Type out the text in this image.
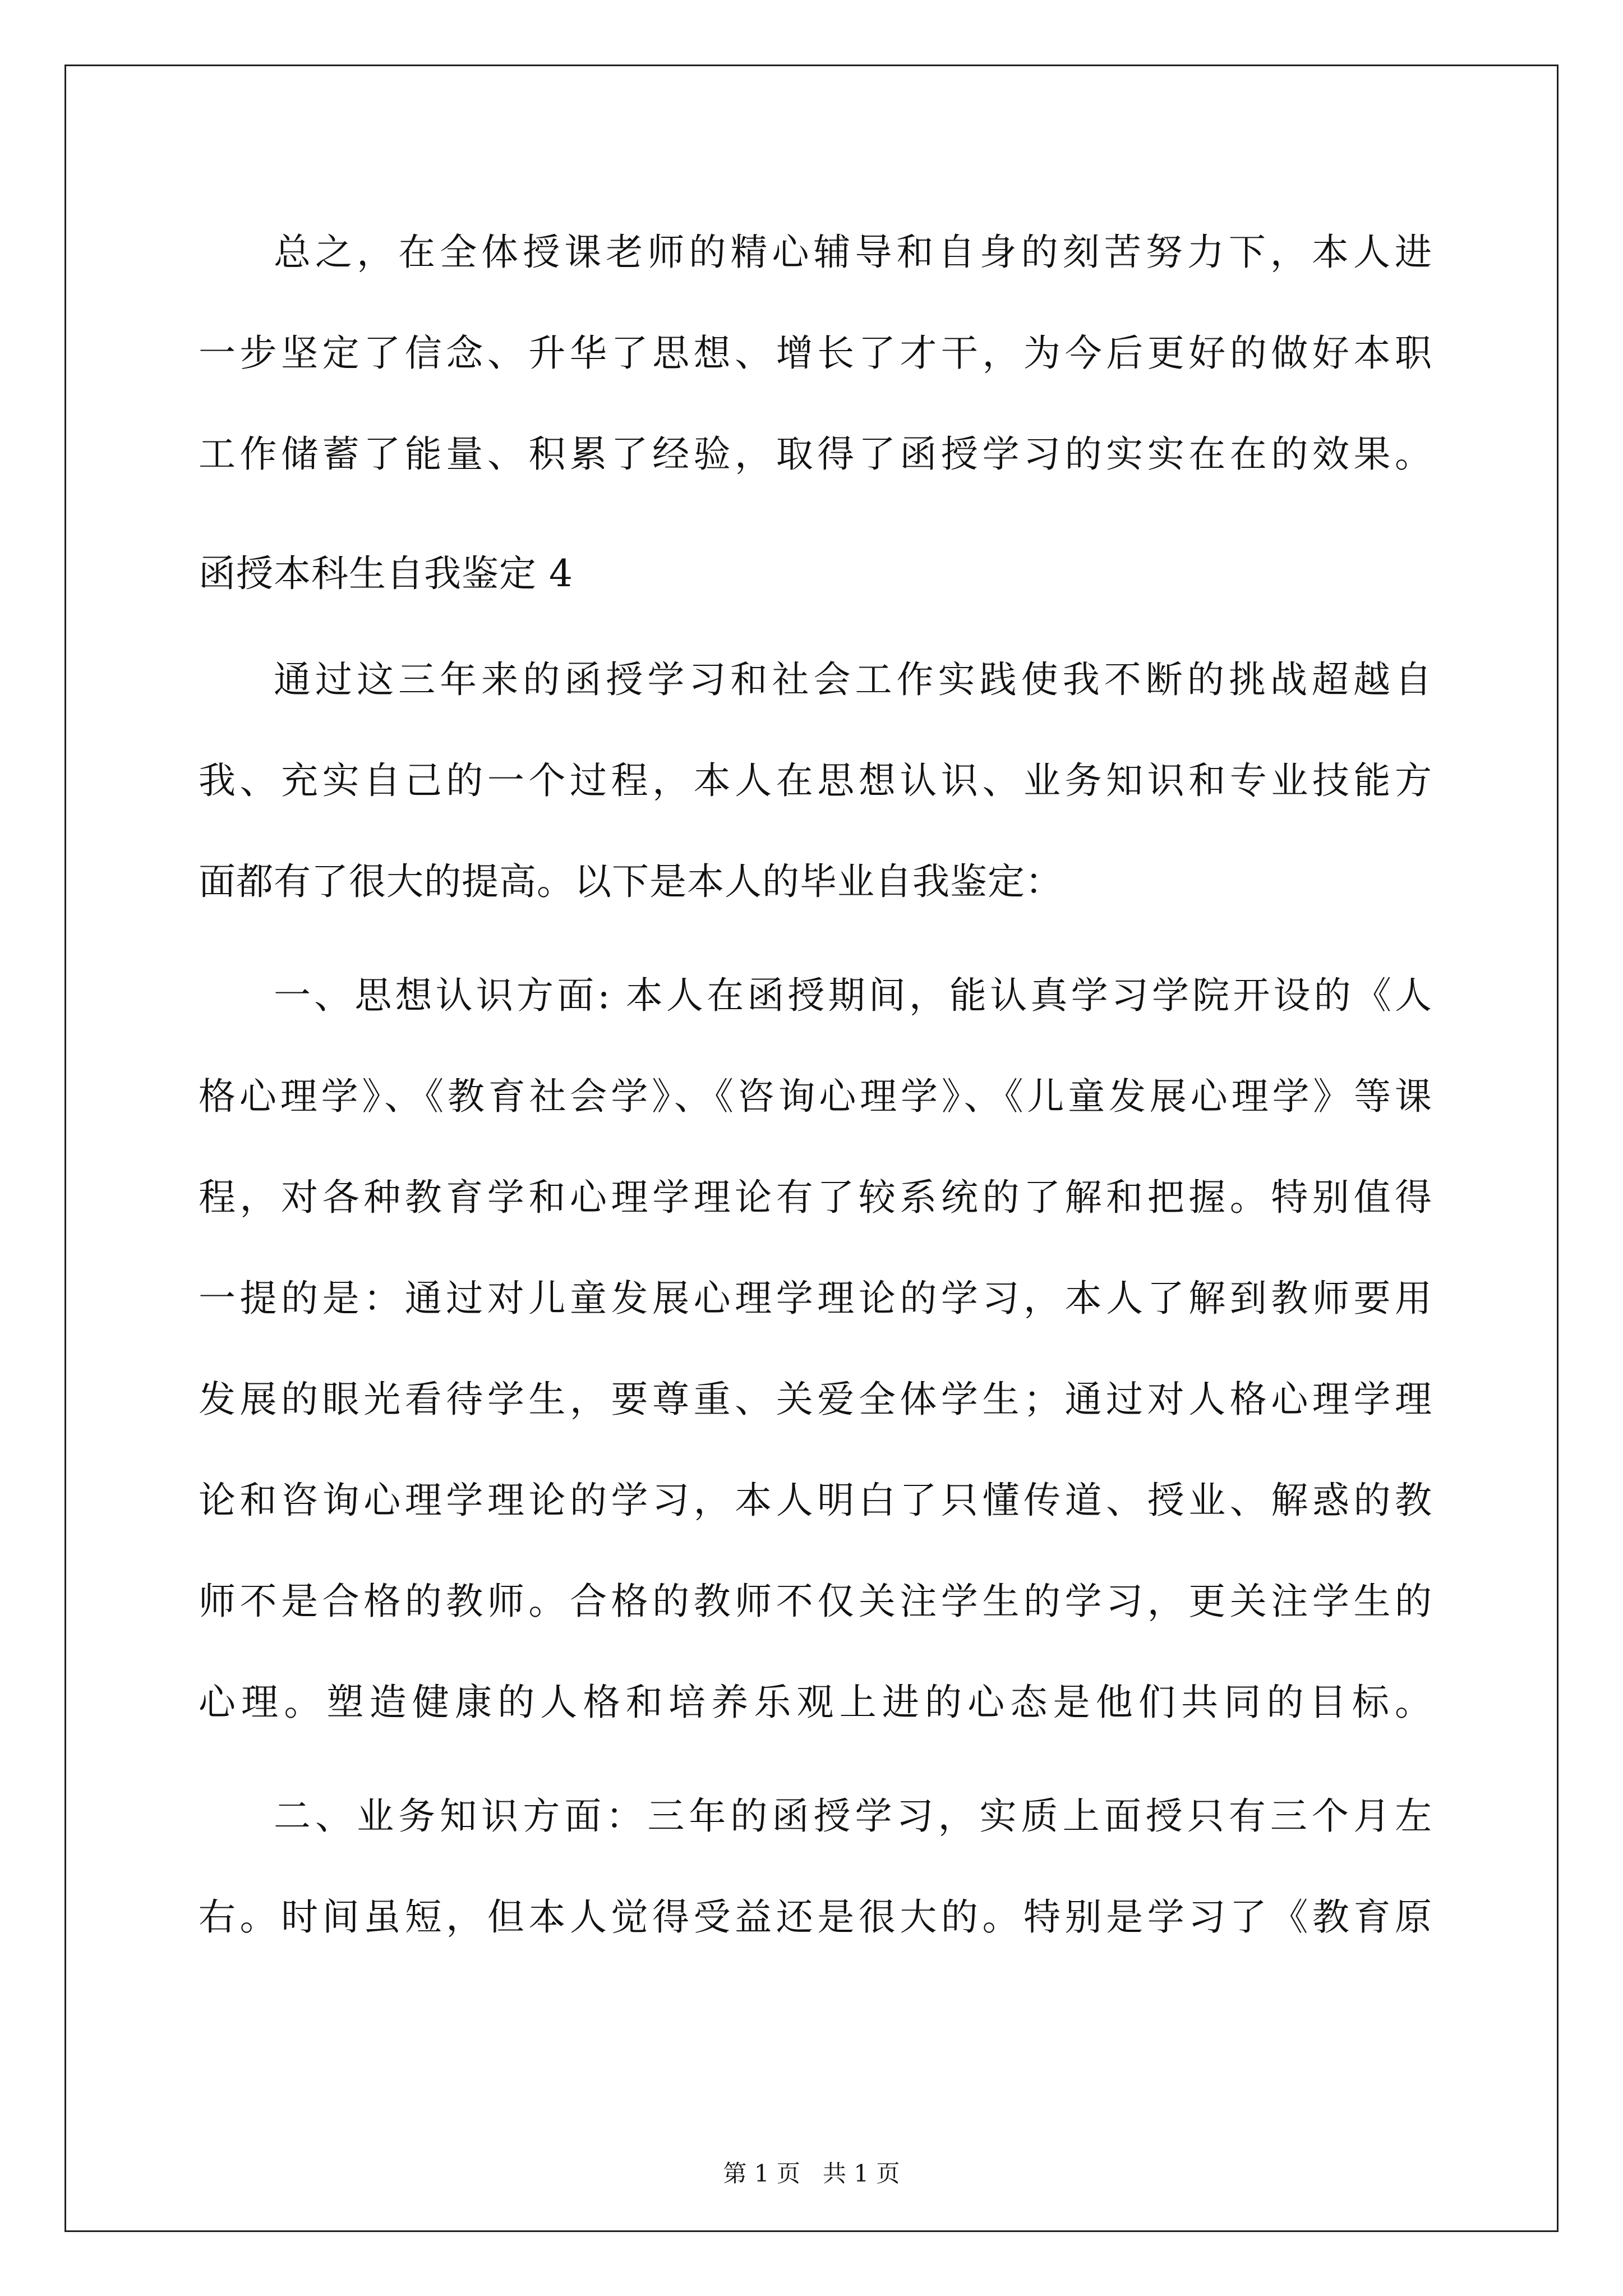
总之，在全体授课老师的精心辅导和自身的刻苦努力下，本人进
一步坚定了信念、升华了思想、增长了才干，为今后更好的做好本职
工作储蓄了能量、积累了经验，取得了函授学习的实实在在的效果。
函授本科生自我鉴定 4
通过这三年来的函授学习和社会工作实践使我不断的挑战超越自
我、充实自己的一个过程，本人在思想认识、业务知识和专业技能方
面都有了很大的提高。以下是本人的毕业自我鉴定：
一、思想认识方面: 本人在函授期间，能认真学习学院开设的《人
格心理学》、《教育社会学》、《咨询心理学》、《儿童发展心理学》等课
程，对各种教育学和心理学理论有了较系统的了解和把握。特别值得
一提的是：通过对儿童发展心理学理论的学习，本人了解到教师要用
发展的眼光看待学生，要尊重、关爱全体学生；通过对人格心理学理
论和咨询心理学理论的学习，本人明白了只懂传道、授业、解惑的教
师不是合格的教师。合格的教师不仅关注学生的学习，更关注学生的
心理。塑造健康的人格和培养乐观上进的心态是他们共同的目标。
二、业务知识方面：三年的函授学习，实质上面授只有三个月左
右。时间虽短，但本人觉得受益还是很大的。特别是学习了《教育原
第 1 页   共 1 页
